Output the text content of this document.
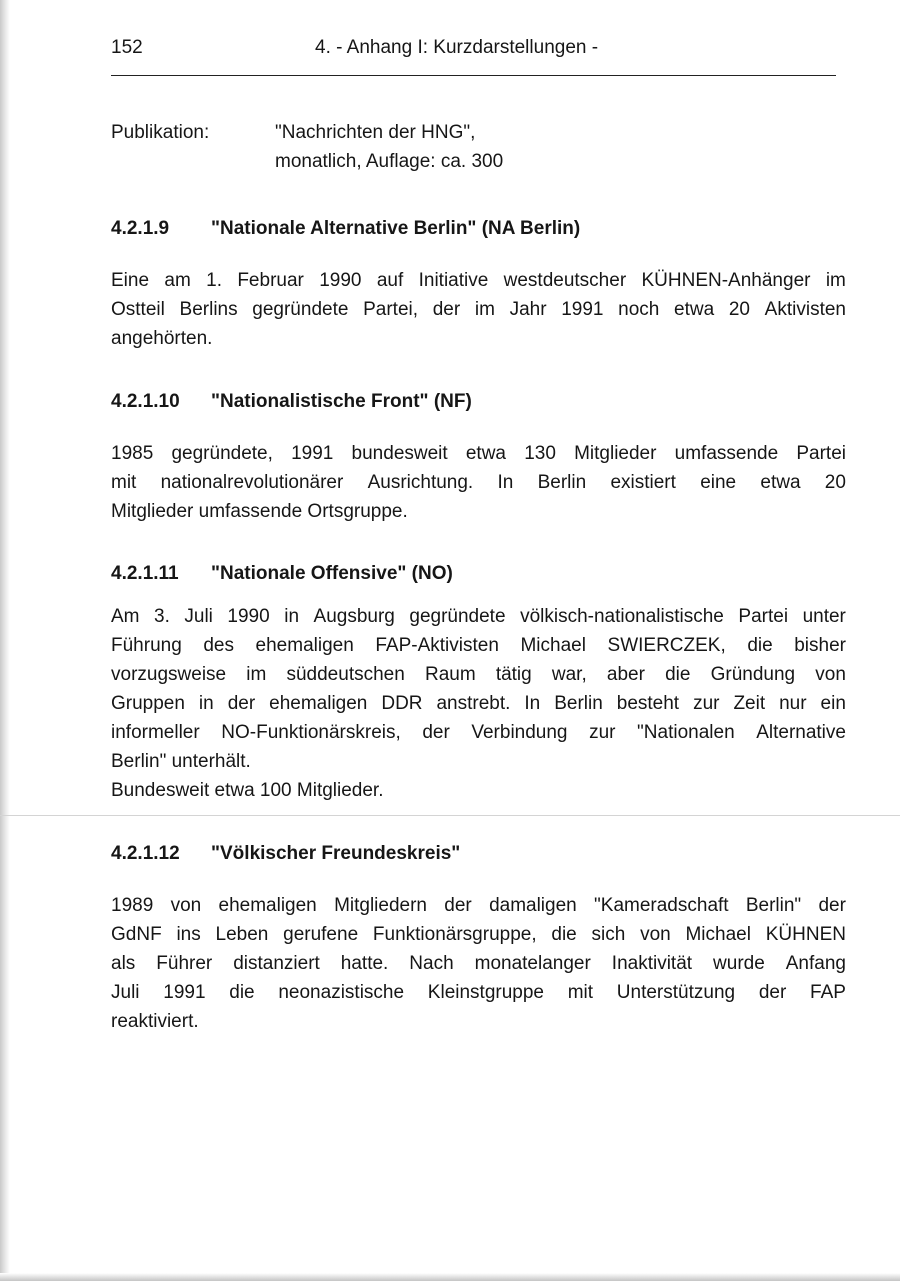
152	4. - Anhang I: Kurzdarstellungen -
Publikation:	"Nachrichten der HNG",
monatlich, Auflage: ca. 300
4.2.1.9 "Nationale Alternative Berlin" (NA Berlin)
Eine am 1. Februar 1990 auf Initiative westdeutscher KÜHNEN-Anhänger im
Ostteil Berlins gegründete Partei, der im Jahr 1991 noch etwa 20 Aktivisten
angehörten.
4.2.1.10 "Nationalistische Front" (NF)
1985 gegründete, 1991 bundesweit etwa 130 Mitglieder umfassende Partei
mit nationalrevolutionärer Ausrichtung. In Berlin existiert eine etwa 20
Mitglieder umfassende Ortsgruppe.
4.2.1.11 "Nationale Offensive" (NO)
Am 3. Juli 1990 in Augsburg gegründete völkisch-nationalistische Partei unter
Führung des ehemaligen FAP-Aktivisten Michael SWIERCZEK, die bisher
vorzugsweise im süddeutschen Raum tätig war, aber die Gründung von
Gruppen in der ehemaligen DDR anstrebt. In Berlin besteht zur Zeit nur ein
informeller NO-Funktionärskreis, der Verbindung zur "Nationalen Alternative
Berlin" unterhält.
Bundesweit etwa 100 Mitglieder.
4.2.1.12 "Völkischer Freundeskreis"
1989 von ehemaligen Mitgliedern der damaligen "Kameradschaft Berlin" der
GdNF ins Leben gerufene Funktionärsgruppe, die sich von Michael KÜHNEN
als Führer distanziert hatte. Nach monatelanger Inaktivität wurde Anfang
Juli 1991 die neonazistische Kleinstgruppe mit Unterstützung der FAP
reaktiviert.
